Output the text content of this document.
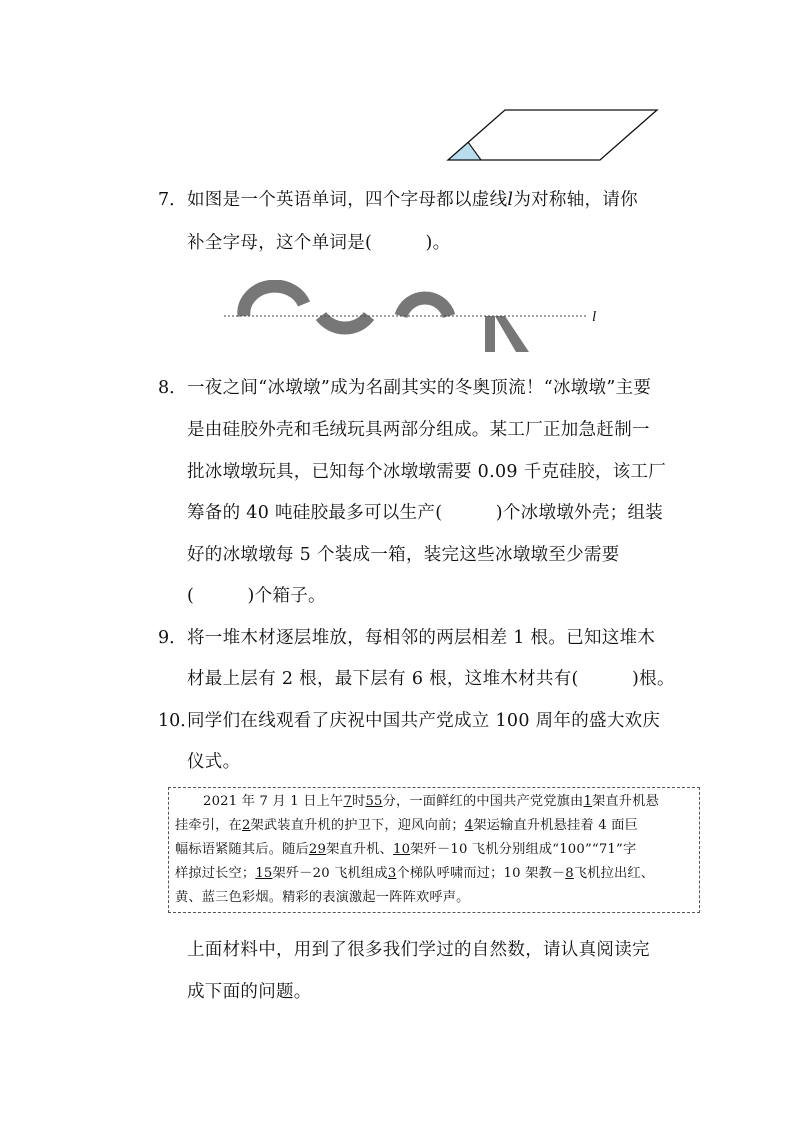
7． 如图是一个英语单词，四个字母都以虚线l为对称轴，请你
补全字母，这个单词是(　　　)。
l
8． 一夜之间“冰墩墩”成为名副其实的冬奥顶流！“冰墩墩”主要
是由硅胶外壳和毛绒玩具两部分组成。某工厂正加急赶制一
批冰墩墩玩具，已知每个冰墩墩需要 0.09 千克硅胶，该工厂
筹备的 40 吨硅胶最多可以生产(　　　)个冰墩墩外壳；组装
好的冰墩墩每 5 个装成一箱，装完这些冰墩墩至少需要
(　　　)个箱子。
9． 将一堆木材逐层堆放，每相邻的两层相差 1 根。已知这堆木
材最上层有 2 根，最下层有 6 根，这堆木材共有(　　　)根。
10．
同学们在线观看了庆祝中国共产党成立 100 周年的盛大欢庆
仪式。
2021 年 7 月 1 日上午7时55分，一面鲜红的中国共产党党旗由1架直升机悬
挂牵引，在2架武装直升机的护卫下，迎风向前；4架运输直升机悬挂着 4 面巨
幅标语紧随其后。随后29架直升机、10架歼－10 飞机分别组成“100”“71”字
样掠过长空；15架歼－20 飞机组成3个梯队呼啸而过；10 架教－8飞机拉出红、
黄、蓝三色彩烟。精彩的表演激起一阵阵欢呼声。
上面材料中，用到了很多我们学过的自然数，请认真阅读完
成下面的问题。
